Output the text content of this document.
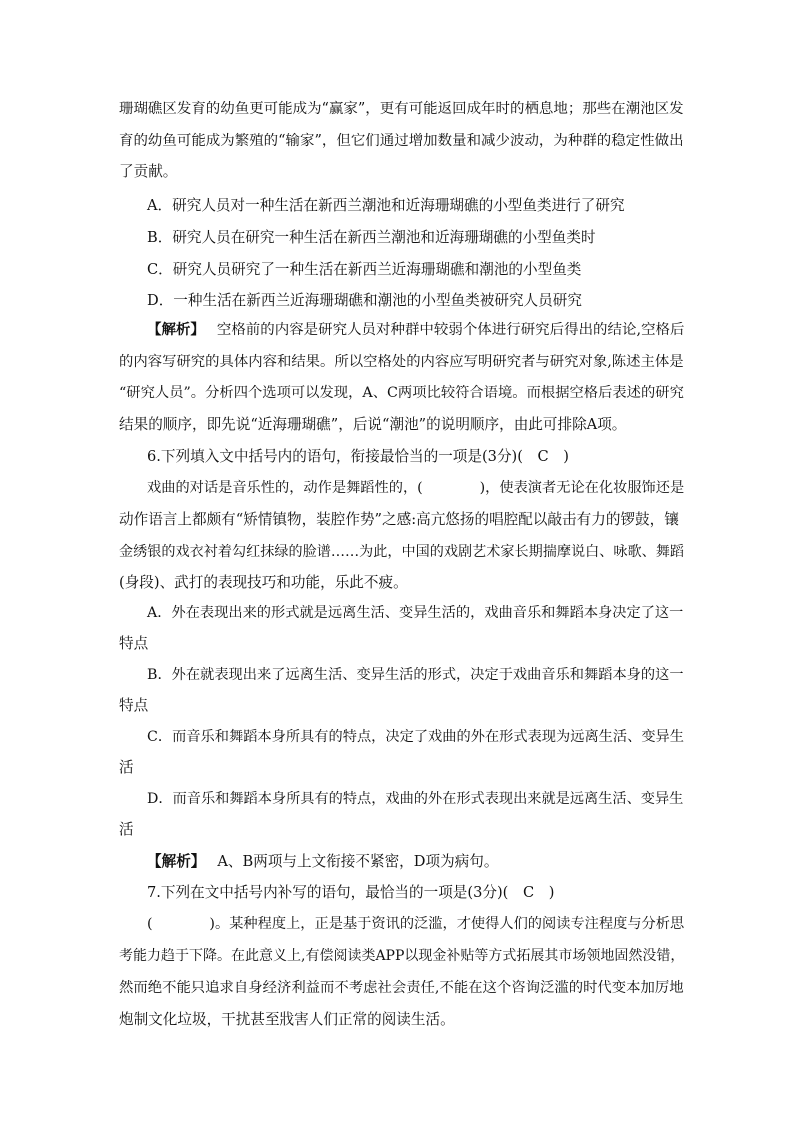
珊瑚礁区发育的幼鱼更可能成为“赢家”，更有可能返回成年时的栖息地；那些在潮池区发
育的幼鱼可能成为繁殖的“输家”，但它们通过增加数量和减少波动，为种群的稳定性做出
了贡献。
A．研究人员对一种生活在新西兰潮池和近海珊瑚礁的小型鱼类进行了研究
B．研究人员在研究一种生活在新西兰潮池和近海珊瑚礁的小型鱼类时
C．研究人员研究了一种生活在新西兰近海珊瑚礁和潮池的小型鱼类
D．一种生活在新西兰近海珊瑚礁和潮池的小型鱼类被研究人员研究
【解析】 空格前的内容是研究人员对种群中较弱个体进行研究后得出的结论,空格后
的内容写研究的具体内容和结果。所以空格处的内容应写明研究者与研究对象,陈述主体是
“研究人员”。分析四个选项可以发现，A、C两项比较符合语境。而根据空格后表述的研究
结果的顺序，即先说“近海珊瑚礁”，后说“潮池”的说明顺序，由此可排除A项。
6.下列填入文中括号内的语句，衔接最恰当的一项是(3分)(　C　)
戏曲的对话是音乐性的，动作是舞蹈性的，(　　　　)，使表演者无论在化妆服饰还是
动作语言上都颇有“矫情镇物，装腔作势”之感:高亢悠扬的唱腔配以敲击有力的锣鼓，镶
金绣银的戏衣衬着勾红抹绿的脸谱……为此，中国的戏剧艺术家长期揣摩说白、咏歌、舞蹈
(身段)、武打的表现技巧和功能，乐此不疲。
A．外在表现出来的形式就是远离生活、变异生活的，戏曲音乐和舞蹈本身决定了这一
特点
B．外在就表现出来了远离生活、变异生活的形式，决定于戏曲音乐和舞蹈本身的这一
特点
C．而音乐和舞蹈本身所具有的特点，决定了戏曲的外在形式表现为远离生活、变异生
活
D．而音乐和舞蹈本身所具有的特点，戏曲的外在形式表现出来就是远离生活、变异生
活
【解析】 A、B两项与上文衔接不紧密，D项为病句。
7.下列在文中括号内补写的语句，最恰当的一项是(3分)(　C　)
(　　　　)。某种程度上，正是基于资讯的泛滥，才使得人们的阅读专注程度与分析思
考能力趋于下降。在此意义上,有偿阅读类APP以现金补贴等方式拓展其市场领地固然没错，
然而绝不能只追求自身经济利益而不考虑社会责任,不能在这个咨询泛滥的时代变本加厉地
炮制文化垃圾，干扰甚至戕害人们正常的阅读生活。
